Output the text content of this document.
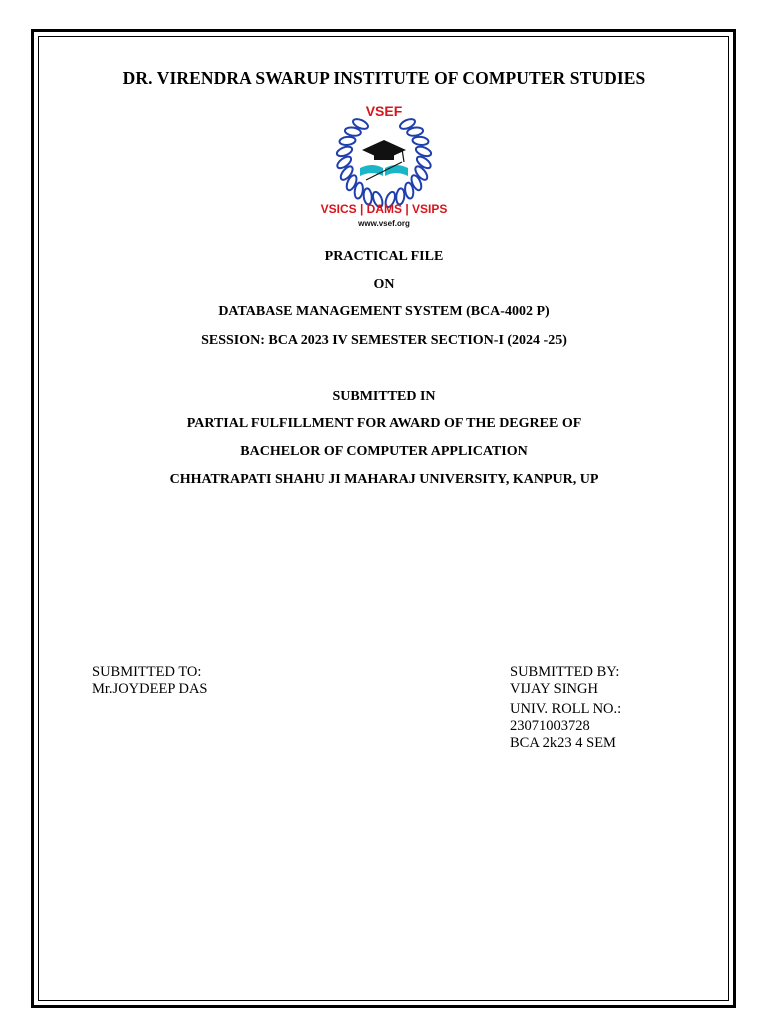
DR. VIRENDRA SWARUP INSTITUTE OF COMPUTER STUDIES
VSEF
VSICS | DAMS | VSIPS
www.vsef.org
PRACTICAL FILE
ON
DATABASE MANAGEMENT SYSTEM (BCA-4002 P)
SESSION: BCA 2023 IV SEMESTER SECTION-I (2024 -25)
SUBMITTED IN
PARTIAL FULFILLMENT FOR AWARD OF THE DEGREE OF
BACHELOR OF COMPUTER APPLICATION
CHHATRAPATI SHAHU JI MAHARAJ UNIVERSITY, KANPUR, UP
SUBMITTED TO:
Mr.JOYDEEP DAS
SUBMITTED BY:
VIJAY SINGH
UNIV. ROLL NO.:
23071003728
BCA 2k23 4 SEM
